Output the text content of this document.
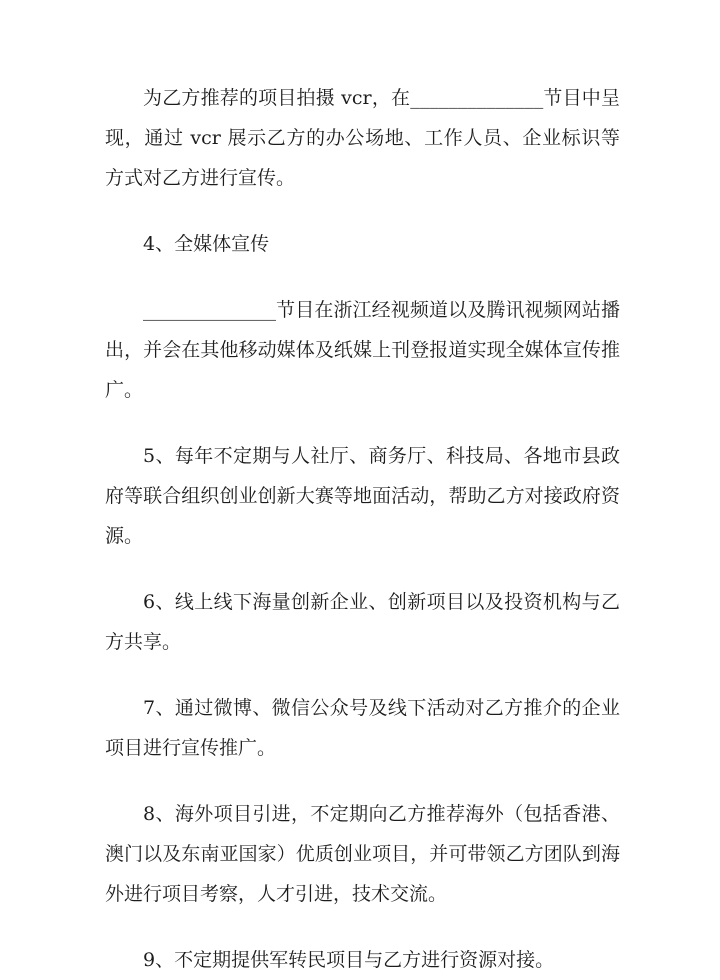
为乙方推荐的项目拍摄 vcr，在______________节目中呈现，通过 vcr 展示乙方的办公场地、工作人员、企业标识等方式对乙方进行宣传。

4、全媒体宣传

______________节目在浙江经视频道以及腾讯视频网站播出，并会在其他移动媒体及纸媒上刊登报道实现全媒体宣传推广。

5、每年不定期与人社厅、商务厅、科技局、各地市县政府等联合组织创业创新大赛等地面活动，帮助乙方对接政府资源。

6、线上线下海量创新企业、创新项目以及投资机构与乙方共享。

7、通过微博、微信公众号及线下活动对乙方推介的企业项目进行宣传推广。

8、海外项目引进，不定期向乙方推荐海外（包括香港、澳门以及东南亚国家）优质创业项目，并可带领乙方团队到海外进行项目考察，人才引进，技术交流。

9、不定期提供军转民项目与乙方进行资源对接。
